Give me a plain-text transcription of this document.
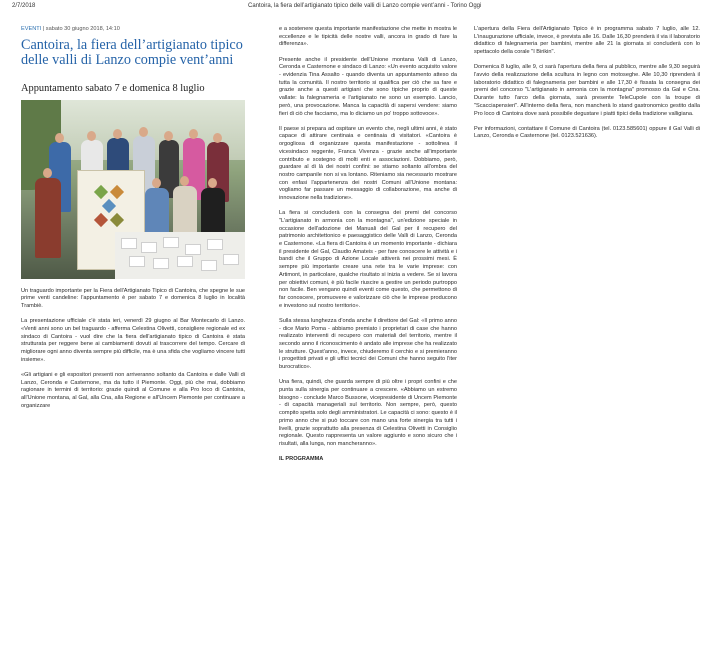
2/7/2018	Cantoira, la fiera dell’artigianato tipico delle valli di Lanzo compie vent’anni - Torino Oggi
EVENTI | sabato 30 giugno 2018, 14:10
Cantoira, la fiera dell’artigianato tipico delle valli di Lanzo compie vent’anni
Appuntamento sabato 7 e domenica 8 luglio

Un traguardo importante per la Fiera dell'Artigianato Tipico di Cantoira, che spegne le sue prime venti candeline: l'appuntamento è per sabato 7 e domenica 8 luglio in località Trambiè.

La presentazione ufficiale c'è stata ieri, venerdì 29 giugno al Bar Montecarlo di Lanzo. «Venti anni sono un bel traguardo - afferma Celestina Olivetti, consigliere regionale ed ex sindaco di Cantoira - vuol dire che la fiera dell'artigianato tipico di Cantoira è stata strutturata per reggere bene ai cambiamenti dovuti al trascorrere del tempo. Cercare di migliorare ogni anno diventa sempre più difficile, ma è una sfida che vogliamo vincere tutti insieme».

«Gli artigiani e gli espositori presenti non arriveranno soltanto da Cantoira e dalle Valli di Lanzo, Ceronda e Casternone, ma da tutto il Piemonte. Oggi, più che mai, dobbiamo ragionare in termini di territorio: grazie quindi al Comune e alla Pro loco di Cantoira, all'Unione montana, al Gal, alla Cna, alla Regione e all'Uncem Piemonte per continuare a organizzare

e a sostenere questa importante manifestazione che mette in mostra le eccellenze e le tipicità delle nostre valli, ancora in grado di fare la differenza».

Presente anche il presidente dell'Unione montana Valli di Lanzo, Ceronda e Casternone e sindaco di Lanzo: «Un evento acquisito valore - evidenzia Tina Assalto - quando diventa un appuntamento atteso da tutta la comunità. Il nostro territorio si qualifica per ciò che sa fare e grazie anche a questi artigiani che sono tipiche proprio di queste vallate: la falegnameria e l'artigianato ne sono un esempio. Lancio, però, una provocazione. Manca la capacità di sapersi vendere: siamo fieri di ciò che facciamo, ma lo diciamo un po' troppo sottovoce».

Il paese si prepara ad ospitare un evento che, negli ultimi anni, è stato capace di attirare centinaia e centinaia di visitatori. «Cantoira è orgogliosa di organizzare questa manifestazione - sottolinea il vicesindaco reggente, Franca Vivenza - grazie anche all'importante contributo e sostegno di molti enti e associazioni. Dobbiamo, però, guardare al di là dei nostri confini: se stiamo soltanto all'ombra del nostro campanile non si va lontano. Riteniamo sia necessario mostrare con enfasi l'appartenenza dei nostri Comuni all'Unione montana: vogliamo far passare un messaggio di collaborazione, ma anche di innovazione nella tradizione».

La fiera si concluderà con la consegna dei premi del concorso "L'artigianato in armonia con la montagna", un'edizione speciale in occasione dell'adozione dei Manuali del Gal per il recupero del patrimonio architettonico e paesaggistico delle Valli di Lanzo, Ceronda e Casternone. «La fiera di Cantoira è un momento importante - dichiara il presidente del Gal, Claudio Amateis - per fare conoscere le attività e i bandi che il Gruppo di Azione Locale attiverà nei prossimi mesi. È sempre più importante creare una rete tra le varie imprese: con Artimont, in particolare, qualche risultato si inizia a vedere. Se si lavora per obiettivi comuni, è più facile riuscire a gestire un periodo purtroppo non facile. Ben vengano quindi eventi come questo, che permettono di far conoscere, promuovere e valorizzare ciò che le imprese producono e investono sul nostro territorio».

Sulla stessa lunghezza d'onda anche il direttore del Gal: «Il primo anno - dice Mario Poma - abbiamo premiato i proprietari di case che hanno realizzato interventi di recupero con materiali del territorio, mentre il secondo anno il riconoscimento è andato alle imprese che ha realizzato le strutture. Quest'anno, invece, chiuderemo il cerchio e si premieranno i progettisti privati e gli uffici tecnici dei Comuni che hanno seguito l'iter burocratico».

Una fiera, quindi, che guarda sempre di più oltre i propri confini e che punta sulla sinergia per continuare a crescere. «Abbiamo un estremo bisogno - conclude Marco Bussone, vicepresidente di Uncem Piemonte - di capacità manageriali sul territorio. Non sempre, però, questo compito spetta solo degli amministratori. Le capacità ci sono: questo è il primo anno che si può toccare con mano una forte sinergia tra tutti i livelli, grazie soprattutto alla presenza di Celestina Olivetti in Consiglio regionale. Questo rappresenta un valore aggiunto e sono sicuro che i risultati, alla lunga, non mancheranno».

IL PROGRAMMA

L'apertura della Fiera dell'Artigianato Tipico è in programma sabato 7 luglio, alle 12. L'inaugurazione ufficiale, invece, è prevista alle 16. Dalle 16,30 prenderà il via il laboratorio didattico di falegnameria per bambini, mentre alle 21 la giornata si concluderà con lo spettacolo della corale "I Birikin".

Domenica 8 luglio, alle 9, ci sarà l'apertura della fiera al pubblico, mentre alle 9,30 seguirà l'avvio della realizzazione della scultura in legno con motoseghe. Alle 10,30 riprenderà il laboratorio didattico di falegnameria per bambini e alle 17,30 è fissata la consegna dei premi del concorso "L'artigianato in armonia con la montagna" promosso da Gal e Cna. Durante tutto l'arco della giornata, sarà presente TeleCupole con la troupe di "Scacciapensieri". All'interno della fiera, non mancherà lo stand gastronomico gestito dalla Pro loco di Cantoira dove sarà possibile degustare i piatti tipici della tradizione valligiana.

Per informazioni, contattare il Comune di Cantoira (tel. 0123.585601) oppure il Gal Valli di Lanzo, Ceronda e Casternone (tel. 0123.521636).
